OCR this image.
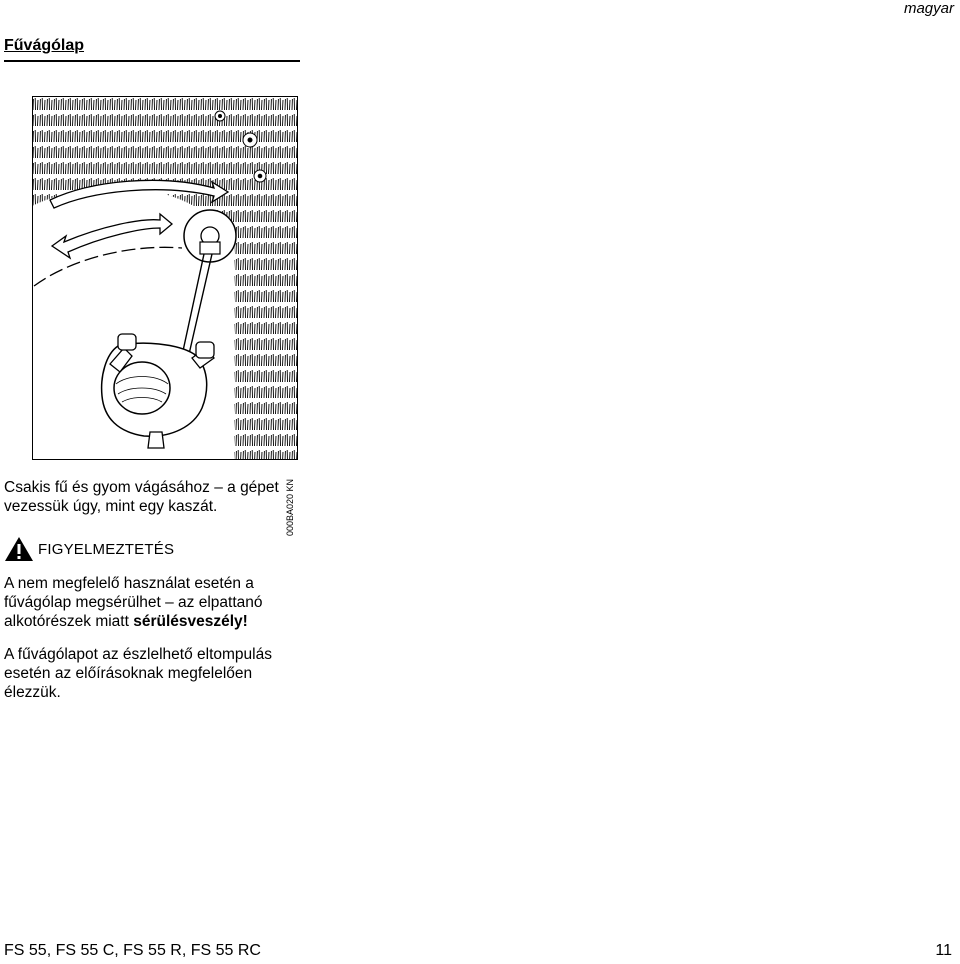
magyar
Fűvágólap
000BA020 KN

Csakis fű és gyom vágásához – a gépet vezessük úgy, mint egy kaszát.

FIGYELMEZTETÉS

A nem megfelelő használat esetén a fűvágólap megsérülhet – az elpattanó alkotórészek miatt sérülésveszély!

A fűvágólapot az észlelhető eltompulás esetén az előírásoknak megfelelően élezzük.

FS 55, FS 55 C, FS 55 R, FS 55 RC	11
